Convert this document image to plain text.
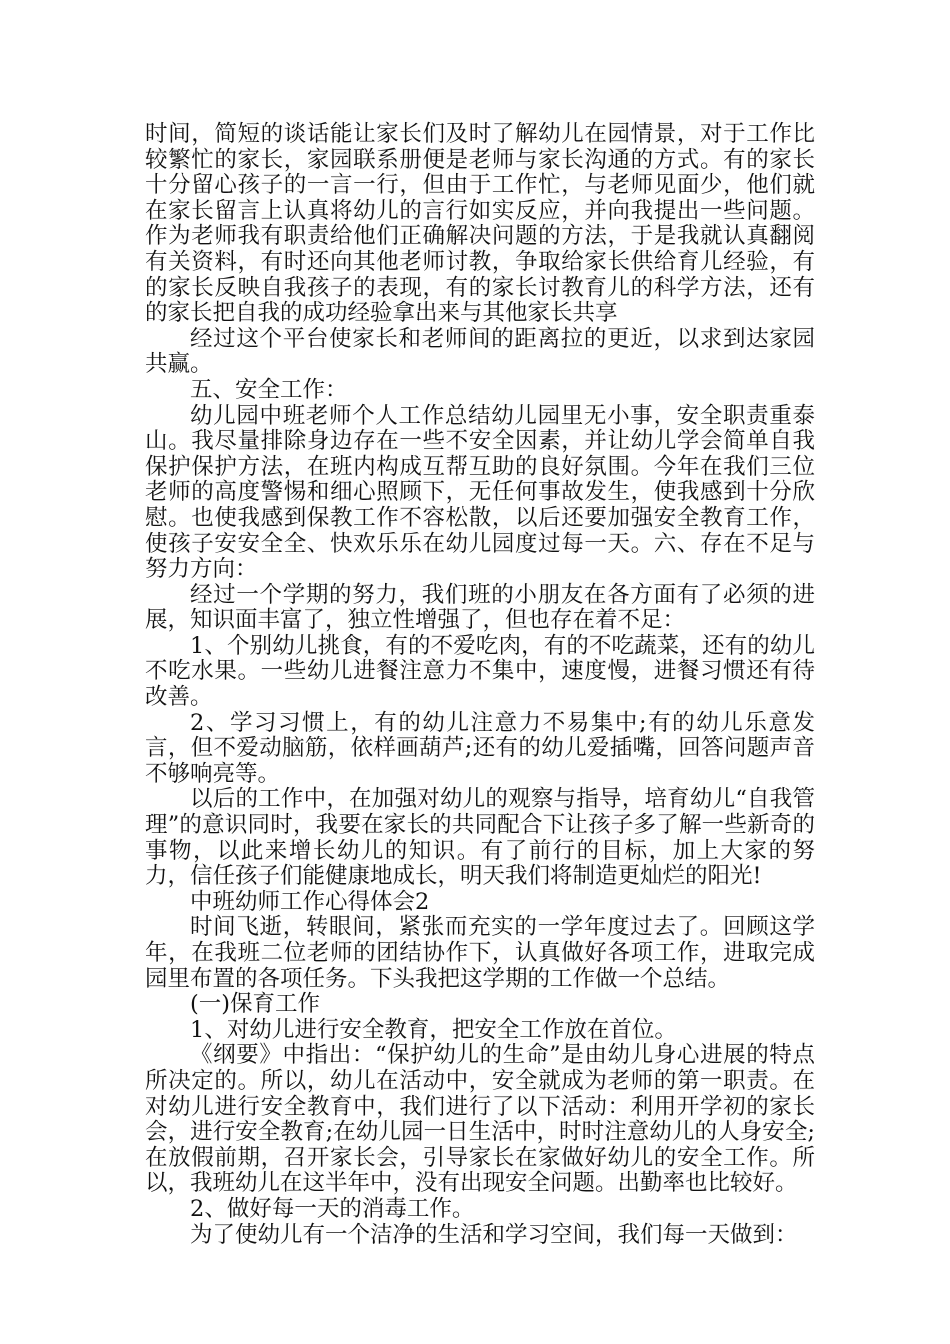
时间，简短的谈话能让家长们及时了解幼儿在园情景，对于工作比较繁忙的家长，家园联系册便是老师与家长沟通的方式。有的家长十分留心孩子的一言一行，但由于工作忙，与老师见面少，他们就在家长留言上认真将幼儿的言行如实反应，并向我提出一些问题。作为老师我有职责给他们正确解决问题的方法，于是我就认真翻阅有关资料，有时还向其他老师讨教，争取给家长供给育儿经验，有的家长反映自我孩子的表现，有的家长讨教育儿的科学方法，还有的家长把自我的成功经验拿出来与其他家长共享

经过这个平台使家长和老师间的距离拉的更近，以求到达家园共赢。

五、安全工作：

幼儿园中班老师个人工作总结幼儿园里无小事，安全职责重泰山。我尽量排除身边存在一些不安全因素，并让幼儿学会简单自我保护保护方法，在班内构成互帮互助的良好氛围。今年在我们三位老师的高度警惕和细心照顾下，无任何事故发生，使我感到十分欣慰。也使我感到保教工作不容松散，以后还要加强安全教育工作，使孩子安安全全、快欢乐乐在幼儿园度过每一天。六、存在不足与努力方向：

经过一个学期的努力，我们班的小朋友在各方面有了必须的进展，知识面丰富了，独立性增强了，但也存在着不足：

1、个别幼儿挑食，有的不爱吃肉，有的不吃蔬菜，还有的幼儿不吃水果。一些幼儿进餐注意力不集中，速度慢，进餐习惯还有待改善。

2、学习习惯上，有的幼儿注意力不易集中;有的幼儿乐意发言，但不爱动脑筋，依样画葫芦;还有的幼儿爱插嘴，回答问题声音不够响亮等。

以后的工作中，在加强对幼儿的观察与指导，培育幼儿“自我管理”的意识同时，我要在家长的共同配合下让孩子多了解一些新奇的事物，以此来增长幼儿的知识。有了前行的目标，加上大家的努力，信任孩子们能健康地成长，明天我们将制造更灿烂的阳光!

中班幼师工作心得体会2

时间飞逝，转眼间，紧张而充实的一学年度过去了。回顾这学年，在我班二位老师的团结协作下，认真做好各项工作，进取完成园里布置的各项任务。下头我把这学期的工作做一个总结。

(一)保育工作

1、对幼儿进行安全教育，把安全工作放在首位。

《纲要》中指出：“保护幼儿的生命”是由幼儿身心进展的特点所决定的。所以，幼儿在活动中，安全就成为老师的第一职责。在对幼儿进行安全教育中，我们进行了以下活动：利用开学初的家长会，进行安全教育;在幼儿园一日生活中，时时注意幼儿的人身安全;在放假前期，召开家长会，引导家长在家做好幼儿的安全工作。所以，我班幼儿在这半年中，没有出现安全问题。出勤率也比较好。

2、做好每一天的消毒工作。

为了使幼儿有一个洁净的生活和学习空间，我们每一天做到：
